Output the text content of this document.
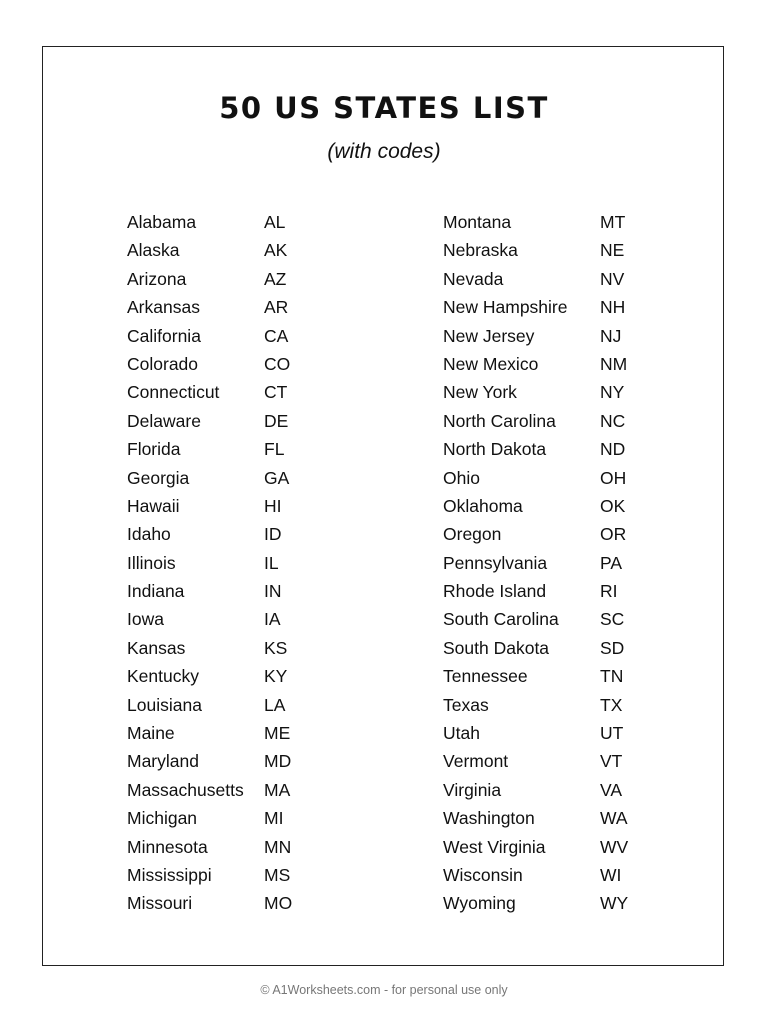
50 US STATES LIST
(with codes)
Alabama	AL
Alaska	AK
Arizona	AZ
Arkansas	AR
California	CA
Colorado	CO
Connecticut	CT
Delaware	DE
Florida	FL
Georgia	GA
Hawaii	HI
Idaho	ID
Illinois	IL
Indiana	IN
Iowa	IA
Kansas	KS
Kentucky	KY
Louisiana	LA
Maine	ME
Maryland	MD
Massachusetts MA
Michigan	MI
Minnesota	MN
Mississippi	MS
Missouri	MO
Montana	MT
Nebraska	NE
Nevada	NV
New Hampshire NH
New Jersey	NJ
New Mexico	NM
New York	NY
North Carolina	NC
North Dakota	ND
Ohio	OH
Oklahoma	OK
Oregon	OR
Pennsylvania	PA
Rhode Island	RI
South Carolina SC
South Dakota	SD
Tennessee	TN
Texas	TX
Utah	UT
Vermont	VT
Virginia	VA
Washington	WA
West Virginia	WV
Wisconsin	WI
Wyoming	WY
© A1Worksheets.com - for personal use only
